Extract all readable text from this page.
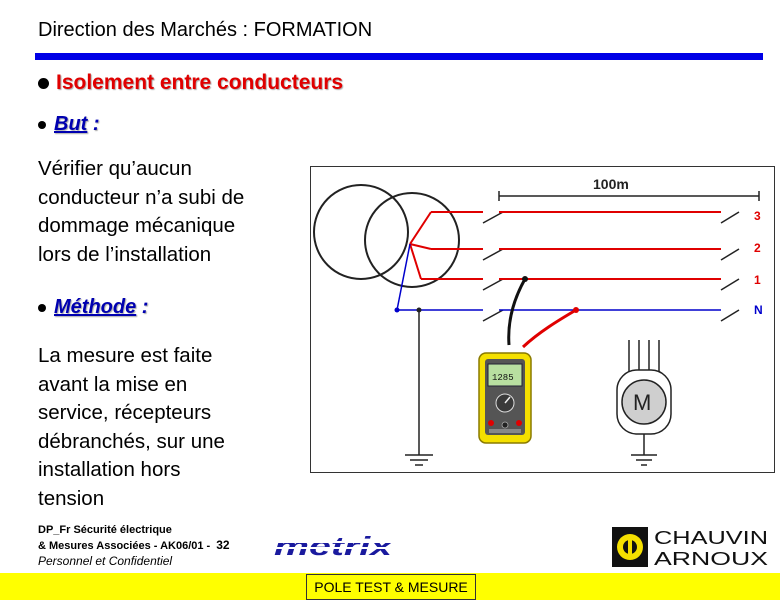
Direction des Marchés : FORMATION
Isolement entre conducteurs
But :
Vérifier qu’aucun
conducteur n’a subi de
dommage mécanique
lors de l’installation
Méthode :
La mesure est faite
avant la mise en
service, récepteurs
débranchés, sur une
installation hors
tension
100m
3
2
1
N
1285
M
DP_Fr Sécurité électrique
& Mesures Associées - AK06/01 - 32
Personnel et Confidentiel	metrix	CHAUVIN
ARNOUX
POLE TEST & MESURE
